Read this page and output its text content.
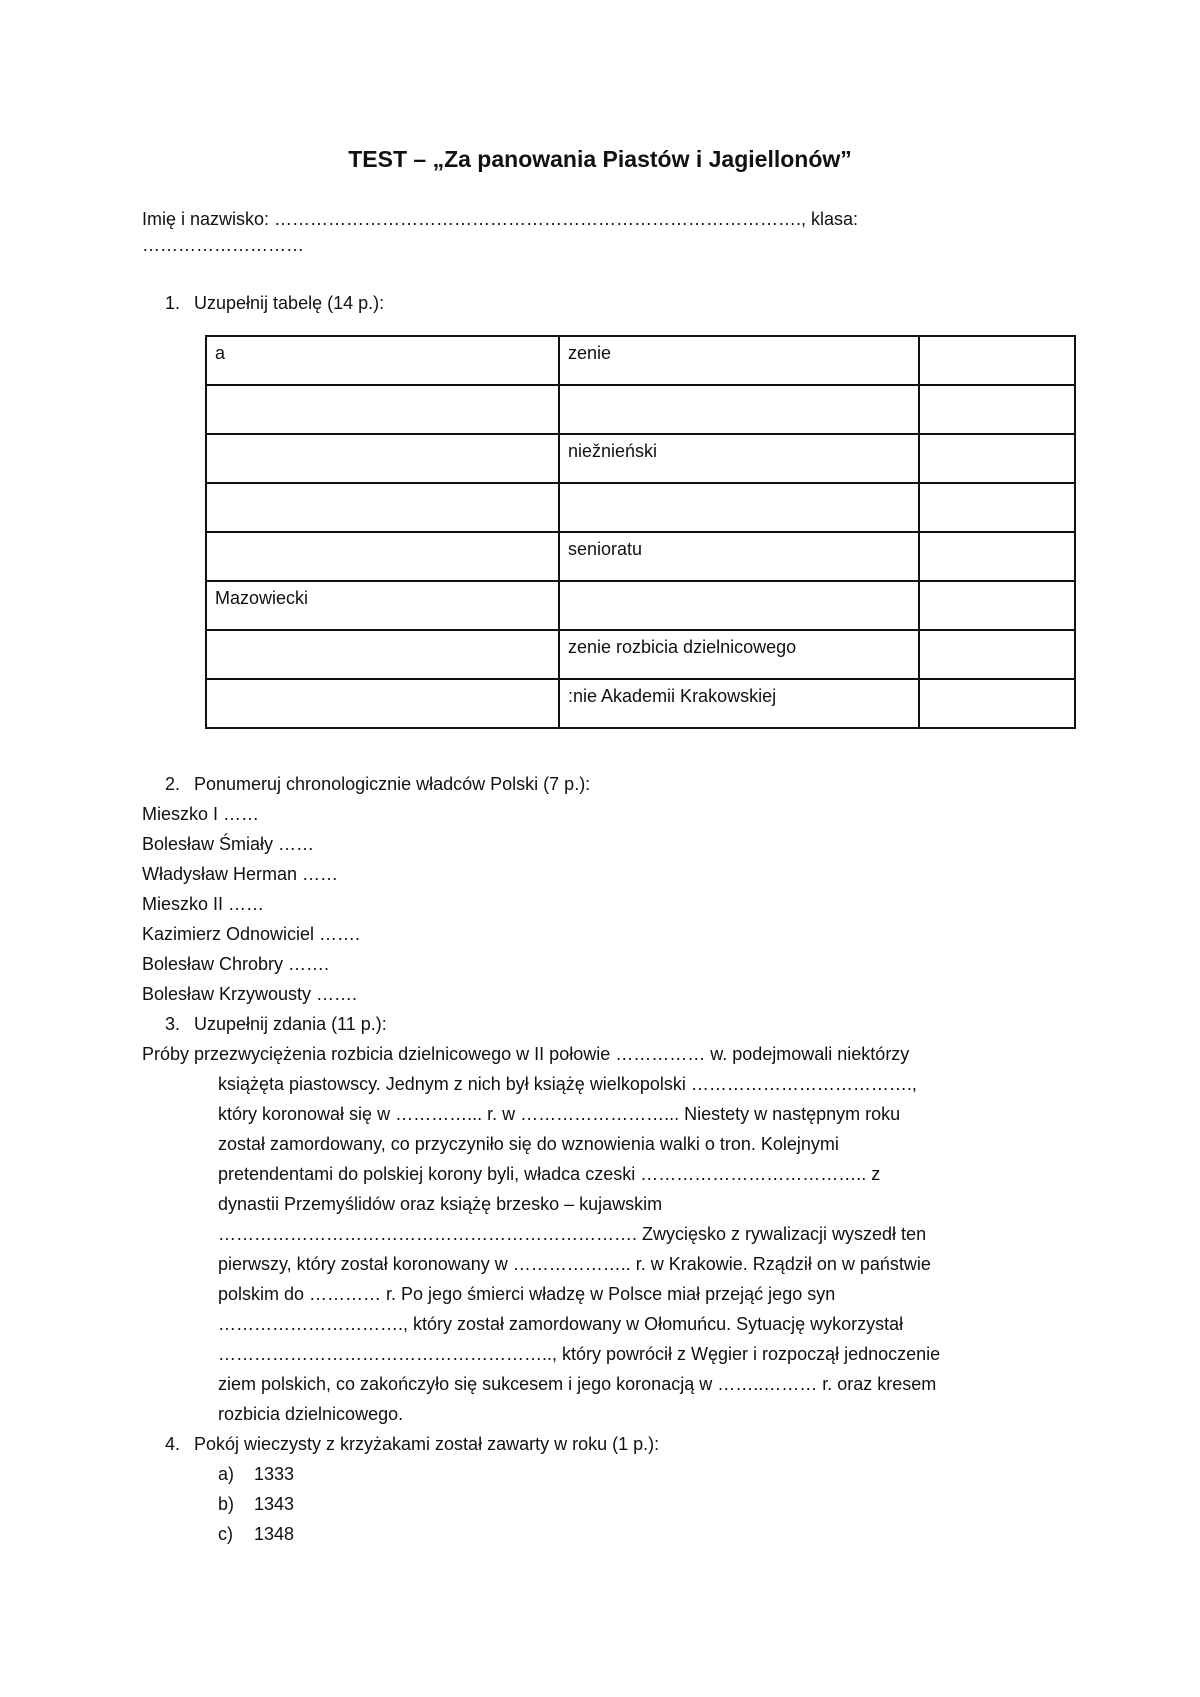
TEST – „Za panowania Piastów i Jagiellonów”
Imię i nazwisko: ……………………………………………………………………………., klasa:
………………………
1. Uzupełnij tabelę (14 p.):
a	zenie	

	niežnieński	

	senioratu	
Mazowiecki		
	zenie rozbicia dzielnicowego	
	:nie Akademii Krakowskiej	
2. Ponumeruj chronologicznie władców Polski (7 p.):
Mieszko I ……
Bolesław Śmiały ……
Władysław Herman ……
Mieszko II ……
Kazimierz Odnowiciel …….
Bolesław Chrobry …….
Bolesław Krzywousty …….
3. Uzupełnij zdania (11 p.):
Próby przezwyciężenia rozbicia dzielnicowego w II połowie …………… w. podejmowali niektórzy
książęta piastowscy. Jednym z nich był książę wielkopolski ……………………………….,
który koronował się w …………... r. w ……………………... Niestety w następnym roku
został zamordowany, co przyczyniło się do wznowienia walki o tron. Kolejnymi
pretendentami do polskiej korony byli, władca czeski ……………………………….. z
dynastii Przemyślidów oraz książę brzesko – kujawskim
……………………………………………………………. Zwycięsko z rywalizacji wyszedł ten
pierwszy, który został koronowany w ……………….. r. w Krakowie. Rządził on w państwie
polskim do ………… r. Po jego śmierci władzę w Polsce miał przejąć jego syn
…………………………., który został zamordowany w Ołomuńcu. Sytuację wykorzystał
……………………………………………….., który powrócił z Węgier i rozpoczął jednoczenie
ziem polskich, co zakończyło się sukcesem i jego koronacją w ……..……… r. oraz kresem
rozbicia dzielnicowego.
4. Pokój wieczysty z krzyżakami został zawarty w roku (1 p.):
a) 1333
b) 1343
c) 1348
